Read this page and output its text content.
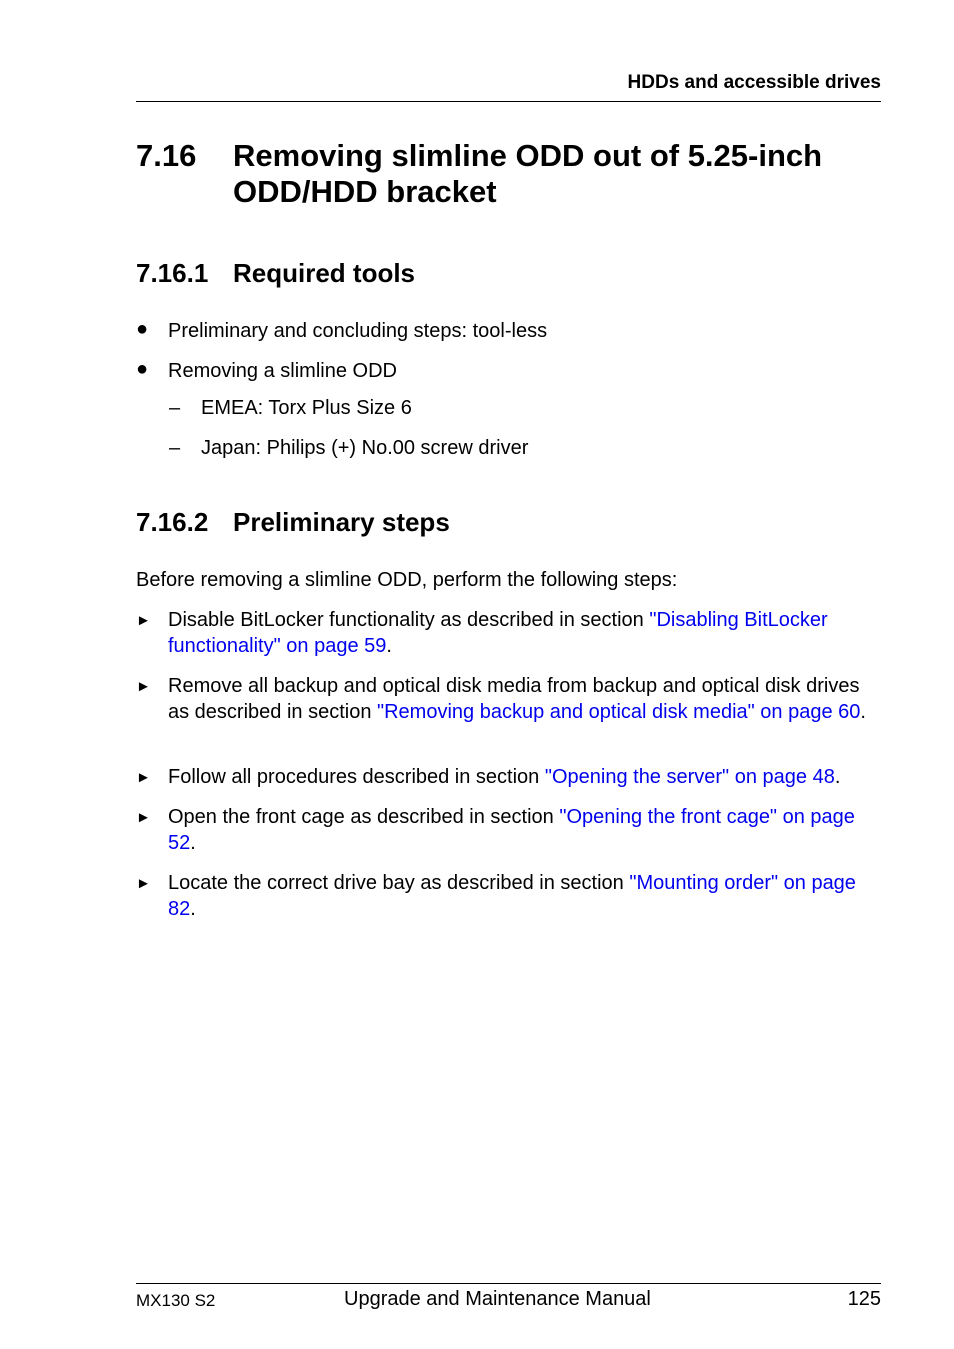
HDDs and accessible drives
7.16 Removing slimline ODD out of 5.25-inch ODD/HDD bracket
7.16.1 Required tools
● Preliminary and concluding steps: tool-less
● Removing a slimline ODD
– EMEA: Torx Plus Size 6
– Japan: Philips (+) No.00 screw driver
7.16.2 Preliminary steps
Before removing a slimline ODD, perform the following steps:
► Disable BitLocker functionality as described in section "Disabling BitLocker functionality" on page 59.
► Remove all backup and optical disk media from backup and optical disk drives as described in section "Removing backup and optical disk media" on page 60.
► Follow all procedures described in section "Opening the server" on page 48.
► Open the front cage as described in section "Opening the front cage" on page 52.
► Locate the correct drive bay as described in section "Mounting order" on page 82.
MX130 S2	Upgrade and Maintenance Manual	125
